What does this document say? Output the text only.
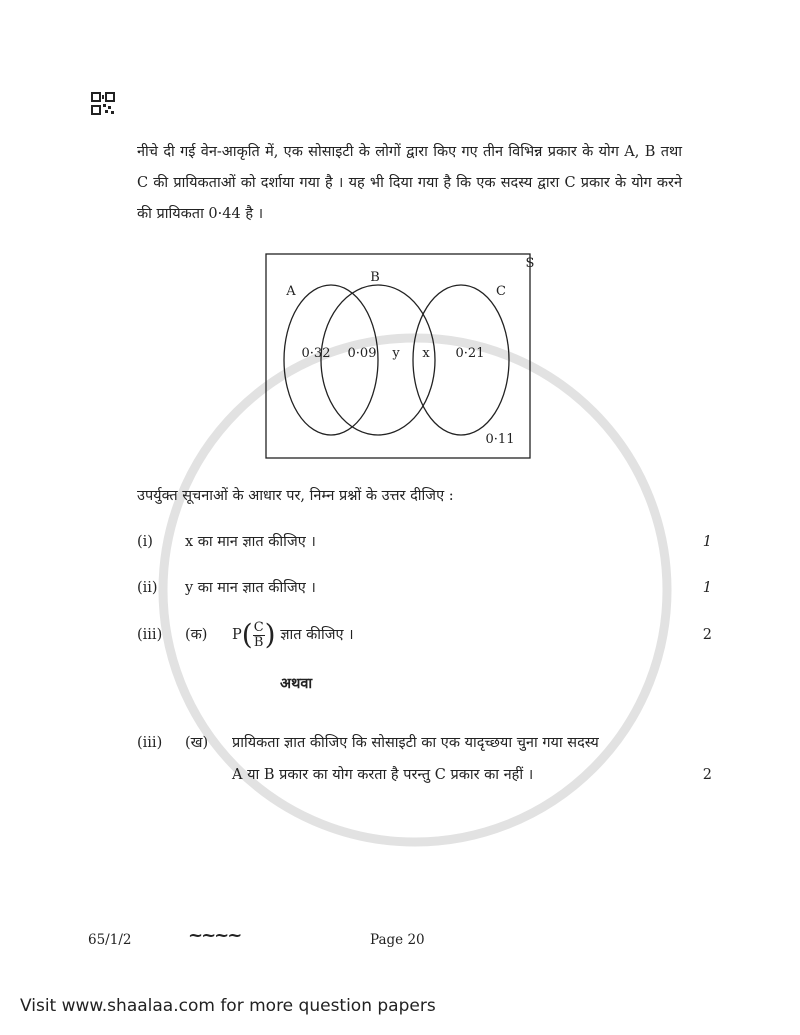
नीचे दी गई वेन-आकृति में, एक सोसाइटी के लोगों द्वारा किए गए तीन विभिन्न प्रकार के योग A, B तथा C की प्रायिकताओं को दर्शाया गया है । यह भी दिया गया है कि एक सदस्य द्वारा C प्रकार के योग करने की प्रायिकता 0·44 है ।
S
A
B
C
0·32 0·09 y x 0·21
0·11
उपर्युक्त सूचनाओं के आधार पर, निम्न प्रश्नों के उत्तर दीजिए :
(i)	x का मान ज्ञात कीजिए ।	1
(ii)	y का मान ज्ञात कीजिए ।	1
(iii)	(क)	$P( \frac{C}{B}$ ) ज्ञात कीजिए ।	2
अथवा
(iii)	(ख)	प्रायिकता ज्ञात कीजिए कि सोसाइटी का एक यादृच्छया चुना गया सदस्य
A या B प्रकार का योग करता है परन्तु C प्रकार का नहीं ।	2
65/1/2	~~~~	Page 20
Visit www.shaalaa.com for more question papers
